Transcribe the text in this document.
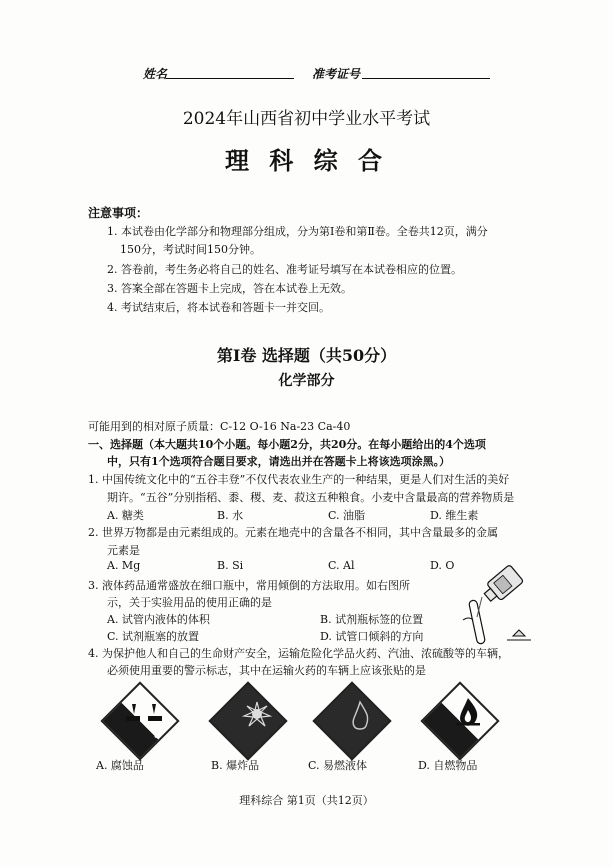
姓名	准考证号
2024年山西省初中学业水平考试
理 科 综 合
注意事项：
1. 本试卷由化学部分和物理部分组成，分为第Ⅰ卷和第Ⅱ卷。全卷共12页，满分
150分，考试时间150分钟。
2. 答卷前，考生务必将自己的姓名、准考证号填写在本试卷相应的位置。
3. 答案全部在答题卡上完成，答在本试卷上无效。
4. 考试结束后，将本试卷和答题卡一并交回。
第Ⅰ卷 选择题（共50分）
化学部分
可能用到的相对原子质量：C-12 O-16 Na-23 Ca-40
一、选择题（本大题共10个小题。每小题2分，共20分。在每小题给出的4个选项
中，只有1个选项符合题目要求，请选出并在答题卡上将该选项涂黑。）
1. 中国传统文化中的“五谷丰登”不仅代表农业生产的一种结果，更是人们对生活的美好
期许。“五谷”分别指稻、黍、稷、麦、菽这五种粮食。小麦中含量最高的营养物质是
A. 糖类	B. 水	C. 油脂	D. 维生素
2. 世界万物都是由元素组成的。元素在地壳中的含量各不相同，其中含量最多的金属
元素是
A. Mg	B. Si	C. Al	D. O
3. 液体药品通常盛放在细口瓶中，常用倾倒的方法取用。如右图所
示，关于实验用品的使用正确的是
A. 试管内液体的体积	B. 试剂瓶标签的位置
C. 试剂瓶塞的放置	D. 试管口倾斜的方向
4. 为保护他人和自己的生命财产安全，运输危险化学品火药、汽油、浓硫酸等的车辆，
必须使用重要的警示标志，其中在运输火药的车辆上应该张贴的是
8
A. 腐蚀品	B. 爆炸品	C. 易燃液体	D. 自燃物品
理科综合 第1页（共12页）
